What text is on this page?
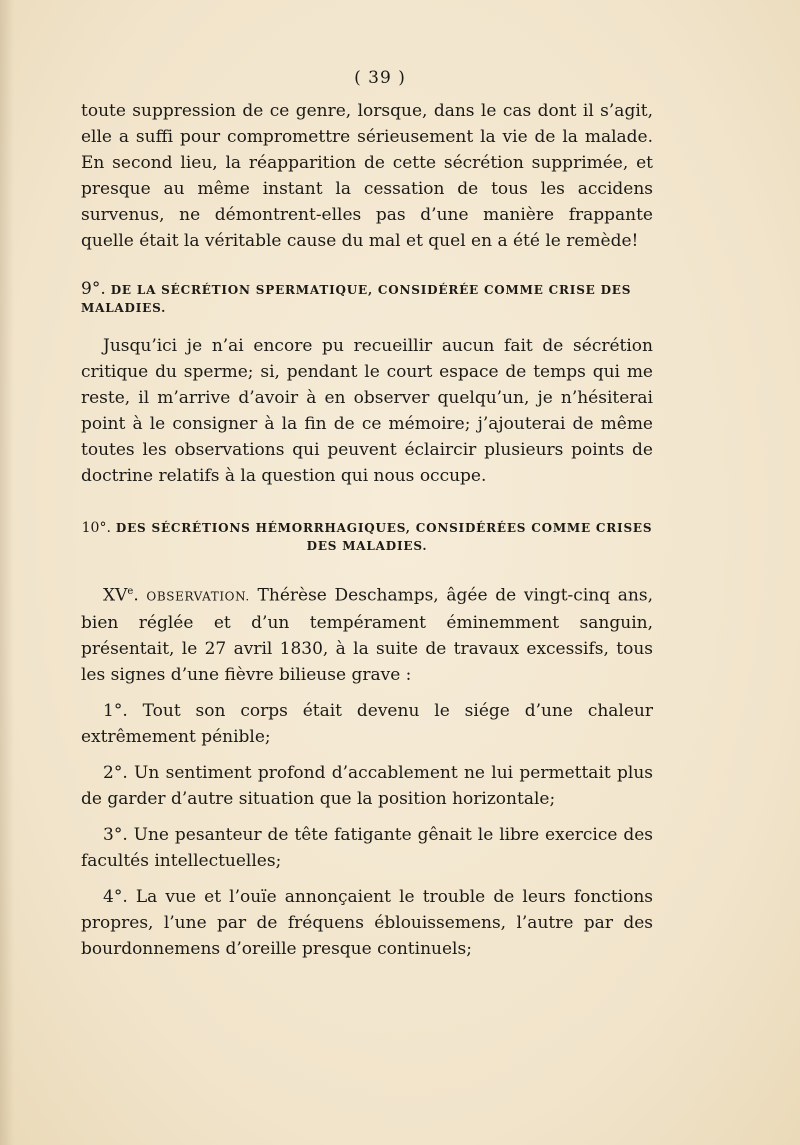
( 39 )

toute suppression de ce genre, lorsque, dans le cas dont il s’agit, elle a suffi pour compromettre sérieusement la vie de la malade. En second lieu, la réapparition de cette sécrétion supprimée, et presque au même instant la cessation de tous les accidens survenus, ne démontrent-elles pas d’une manière frappante quelle était la véritable cause du mal et quel en a été le remède!

9°. DE LA SÉCRÉTION SPERMATIQUE, CONSIDÉRÉE COMME CRISE DES MALADIES.

Jusqu’ici je n’ai encore pu recueillir aucun fait de sécrétion critique du sperme; si, pendant le court espace de temps qui me reste, il m’arrive d’avoir à en observer quelqu’un, je n’hésiterai point à le consigner à la fin de ce mémoire; j’ajouterai de même toutes les observations qui peuvent éclaircir plusieurs points de doctrine relatifs à la question qui nous occupe.

10°. DES SÉCRÉTIONS HÉMORRHAGIQUES, CONSIDÉRÉES COMME CRISES DES MALADIES.

XVe. OBSERVATION. Thérèse Deschamps, âgée de vingt-cinq ans, bien réglée et d’un tempérament éminemment sanguin, présentait, le 27 avril 1830, à la suite de travaux excessifs, tous les signes d’une fièvre bilieuse grave :

1°. Tout son corps était devenu le siége d’une chaleur extrêmement pénible;

2°. Un sentiment profond d’accablement ne lui permettait plus de garder d’autre situation que la position horizontale;

3°. Une pesanteur de tête fatigante gênait le libre exercice des facultés intellectuelles;

4°. La vue et l’ouïe annonçaient le trouble de leurs fonctions propres, l’une par de fréquens éblouissemens, l’autre par des bourdonnemens d’oreille presque continuels;
